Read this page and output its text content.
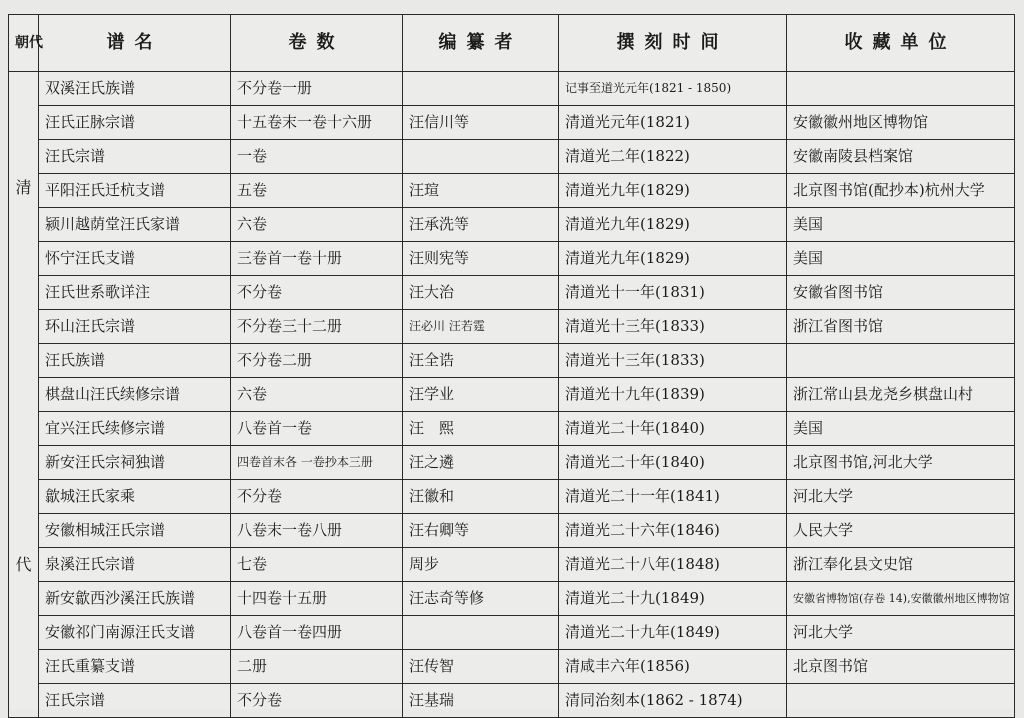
朝代	谱名	卷数	编纂者	撰刻时间	收藏单位

清
代	双溪汪氏族谱	不分卷一册		记事至道光元年(1821 - 1850)	
	汪氏正脉宗谱	十五卷末一卷十六册	汪信川等	清道光元年(1821)	安徽徽州地区博物馆
	汪氏宗谱	一卷		清道光二年(1822)	安徽南陵县档案馆
	平阳汪氏迁杭支谱	五卷	汪瑄	清道光九年(1829)	北京图书馆(配抄本)杭州大学
	颍川越荫堂汪氏家谱	六卷	汪承洗等	清道光九年(1829)	美国
	怀宁汪氏支谱	三卷首一卷十册	汪则宪等	清道光九年(1829)	美国
	汪氏世系歌详注	不分卷	汪大治	清道光十一年(1831)	安徽省图书馆
	环山汪氏宗谱	不分卷三十二册	汪必川 汪若霆	清道光十三年(1833)	浙江省图书馆
	汪氏族谱	不分卷二册	汪全诰	清道光十三年(1833)	
	棋盘山汪氏续修宗谱	六卷	汪学业	清道光十九年(1839)	浙江常山县龙尧乡棋盘山村
	宜兴汪氏续修宗谱	八卷首一卷	汪　熙	清道光二十年(1840)	美国
	新安汪氏宗祠独谱	四卷首末各 一卷抄本三册	汪之遴	清道光二十年(1840)	北京图书馆,河北大学
	歙城汪氏家乘	不分卷	汪徽和	清道光二十一年(1841)	河北大学
	安徽相城汪氏宗谱	八卷末一卷八册	汪右卿等	清道光二十六年(1846)	人民大学
	泉溪汪氏宗谱	七卷	周步	清道光二十八年(1848)	浙江奉化县文史馆
	新安歙西沙溪汪氏族谱	十四卷十五册	汪志奇等修	清道光二十九(1849)	安徽省博物馆(存卷 14),安徽徽州地区博物馆
	安徽祁门南源汪氏支谱	八卷首一卷四册		清道光二十九年(1849)	河北大学
	汪氏重纂支谱	二册	汪传智	清咸丰六年(1856)	北京图书馆
	汪氏宗谱	不分卷	汪基瑞	清同治刻本(1862 - 1874)	
